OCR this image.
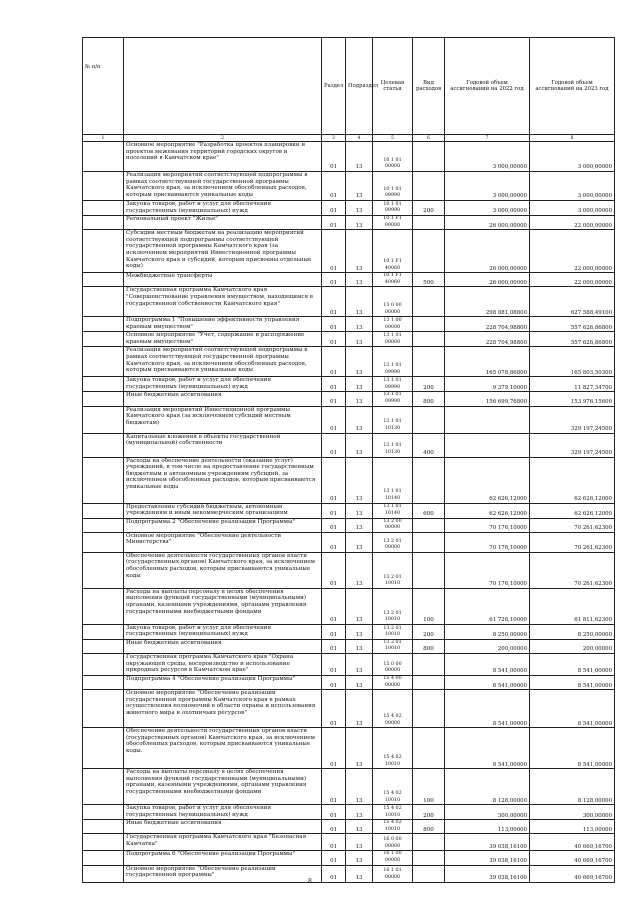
№ п/п		Раздел	Подраздел	Целевая статья	Вид расходов	Годовой объем ассигнований на 2022 год	Годовой объем ассигнований на 2023 год
1	2	3	4	5	6	7	8
	Основное мероприятие "Разработка проектов планировки и проектов межевания территорий городских округов и поселений в Камчатском крае"	01	13	10 1 01 00000		3 000,00000	3 000,00000
	Реализация мероприятий соответствующей подпрограммы в рамках соответствующей государственной программы Камчатского края, за исключением обособленных расходов, которым присваиваются уникальные коды	01	13	10 1 01 09990		3 000,00000	3 000,00000
	Закупка товаров, работ и услуг для обеспечения государственных (муниципальных) нужд	01	13	10 1 01 09990	200	3 000,00000	3 000,00000
	Региональный проект "Жилье"	01	13	10 1 F1 00000		26 000,00000	22 000,00000
	Субсидии местным бюджетам на реализацию мероприятий соответствующей подпрограммы соответствующей государственной программы Камчатского края (за исключением мероприятий Инвестиционной программы Камчатского края и субсидий, которым присвоены отдельные коды)	01	13	10 1 F1 40060		26 000,00000	22 000,00000
	Межбюджетные трансферты	01	13	10 1 F1 40060	500	26 000,00000	22 000,00000
	Государственная программа Камчатского края "Совершенствование управления имуществом, находящимся в государственной собственности Камчатского края"	01	13	13 0 00 00000		298 881,08800	627 588,49100
	Подпрограмма 1 "Повышение эффективности управления краевым имуществом"	01	13	13 1 00 00000		228 704,98800	557 626,86800
	Основное мероприятие "Учет, содержание и распоряжение краевым имуществом"	01	13	13 1 01 00000		228 704,98800	557 626,86800
	Реализация мероприятий соответствующей подпрограммы в рамках соответствующей государственной программы Камчатского края, за исключением обособленных расходов, которым присваиваются уникальные коды	01	13	13 1 01 09990		165 078,86800	165 803,50300
	Закупка товаров, работ и услуг для обеспечения государственных (муниципальных) нужд	01	13	13 1 01 09990	200	9 379,10000	11 827,34700
	Иные бюджетные ассигнования	01	13	13 1 01 09990	800	156 699,76800	153 976,15600
	Реализация мероприятий Инвестиционной программы Камчатского края (за исключением субсидий местным бюджетам)	01	13	13 1 01 10130			329 197,24500
	Капитальные вложения в объекты государственной (муниципальной) собственности	01	13	13 1 01 10130	400		329 197,24500
	Расходы на обеспечение деятельности (оказание услуг) учреждений, в том числе на предоставление государственным бюджетным и автономным учреждениям субсидий, за исключением обособленных расходов, которым присваиваются уникальные коды	01	13	13 1 01 10140		62 626,12000	62 626,12000
	Предоставление субсидий бюджетным, автономным учреждениям и иным некоммерческим организациям	01	13	13 1 01 10140	600	62 626,12000	62 626,12000
	Подпрограмма 2 "Обеспечение реализации Программы"	01	13	13 2 00 00000		70 176,10000	70 261,62300
	Основное мероприятие "Обеспечение деятельности Министерства"	01	13	13 2 01 00000		70 176,10000	70 261,62300
	Обеспечение деятельности государственных органов власти (государственных органов) Камчатского края, за исключением обособленных расходов, которым присваиваются уникальные коды	01	13	13 2 01 10010		70 176,10000	70 261,62300
	Расходы на выплаты персоналу в целях обеспечения выполнения функций государственными (муниципальными) органами, казенными учреждениями, органами управления государственными внебюджетными фондами	01	13	13 2 01 10010	100	61 726,10000	61 811,62300
	Закупка товаров, работ и услуг для обеспечения государственных (муниципальных) нужд	01	13	13 2 01 10010	200	8 250,00000	8 250,00000
	Иные бюджетные ассигнования	01	13	13 2 01 10010	800	200,00000	200,00000
	Государственная программа Камчатского края "Охрана окружающей среды, воспроизводство и использование природных ресурсов в Камчатском крае"	01	13	15 0 00 00000		8 541,00000	8 541,00000
	Подпрограмма 4 "Обеспечение реализации Программы"	01	13	15 4 00 00000		8 541,00000	8 541,00000
	Основное мероприятие "Обеспечение реализации государственной программы Камчатского края в рамках осуществления полномочий в области охраны и использования животного мира и охотничьих ресурсов"	01	13	15 4 02 00000		8 541,00000	8 541,00000
	Обеспечение деятельности государственных органов власти (государственных органов) Камчатского края, за исключением обособленных расходов, которым присваиваются уникальные коды.	01	13	15 4 02 10010		8 541,00000	8 541,00000
	Расходы на выплаты персоналу в целях обеспечения выполнения функций государственными (муниципальными) органами, казенными учреждениями, органами управления государственными внебюджетными фондами	01	13	15 4 02 10010	100	8 128,00000	8 128,00000
	Закупка товаров, работ и услуг для обеспечения государственных (муниципальных) нужд	01	13	15 4 02 10010	200	300,00000	300,00000
	Иные бюджетные ассигнования	01	13	15 4 02 10010	800	113,00000	113,00000
	Государственная программа Камчатского края "Безопасная Камчатка"	01	13	16 0 00 00000		39 038,16100	40 669,16700
	Подпрограмма 6 "Обеспечение реализации Программы"	01	13	16 1 00 00000		39 038,16100	40 669,16700
	Основное мероприятие "Обеспечение реализации государственной программы"	01	13	16 1 01 00000		39 038,16100	40 669,16700
8
